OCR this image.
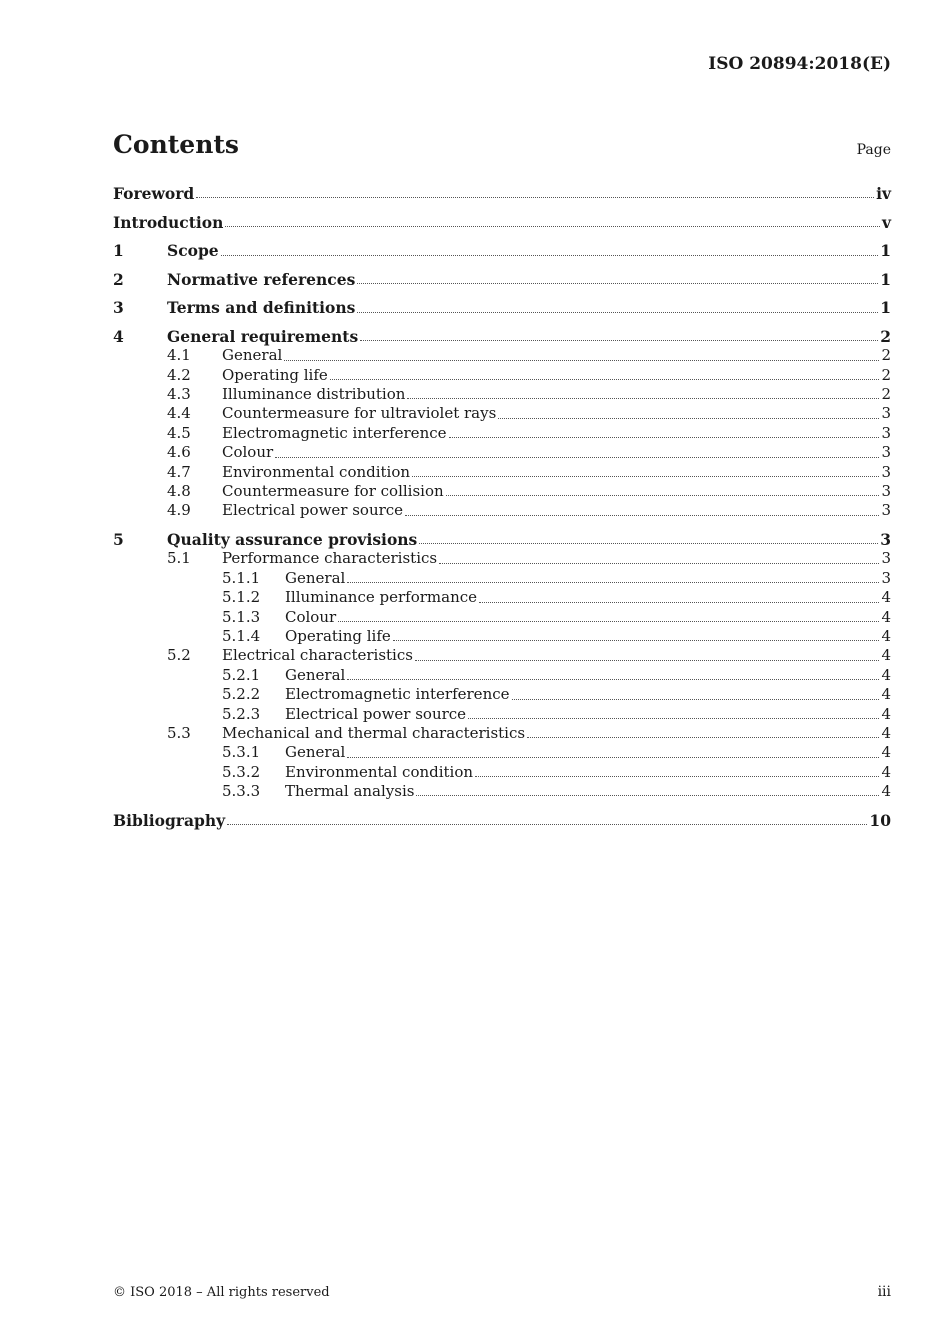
ISO 20894:2018(E)
Contents	Page
Foreword	iv
Introduction	v
1	Scope	1
2	Normative references	1
3	Terms and definitions	1
4	General requirements	2
4.1 General	2
4.2 Operating life	2
4.3 Illuminance distribution	2
4.4 Countermeasure for ultraviolet rays	3
4.5 Electromagnetic interference	3
4.6 Colour	3
4.7 Environmental condition	3
4.8 Countermeasure for collision	3
4.9 Electrical power source	3
5	Quality assurance provisions	3
5.1 Performance characteristics	3
5.1.1 General	3
5.1.2 Illuminance performance	4
5.1.3 Colour	4
5.1.4 Operating life	4
5.2 Electrical characteristics	4
5.2.1 General	4
5.2.2 Electromagnetic interference	4
5.2.3 Electrical power source	4
5.3 Mechanical and thermal characteristics	4
5.3.1 General	4
5.3.2 Environmental condition	4
5.3.3 Thermal analysis	4
Bibliography	10
© ISO 2018 – All rights reserved	iii
